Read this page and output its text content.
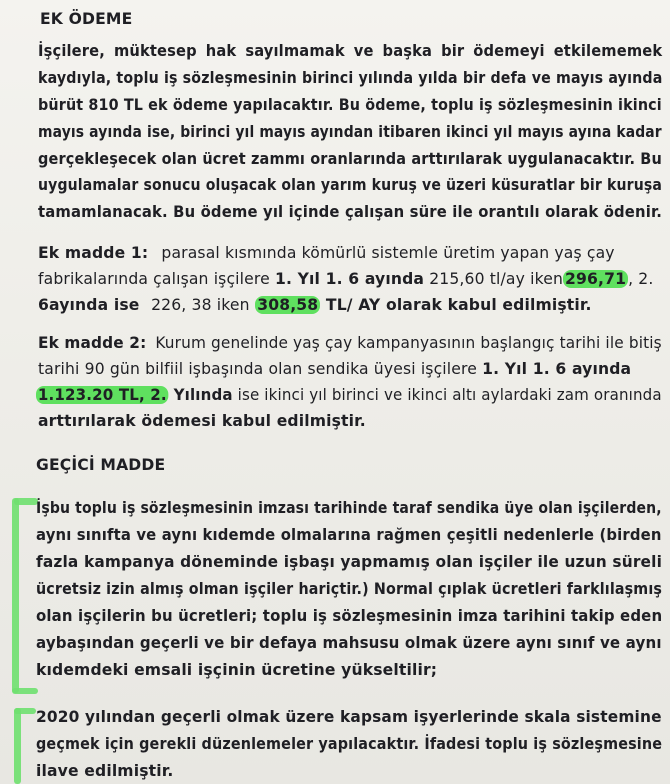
EK ÖDEME
İşçilere, müktesep hak sayılmamak ve başka bir ödemeyi etkilememek
kaydıyla, toplu iş sözleşmesinin birinci yılında yılda bir defa ve mayıs ayında
bürüt 810 TL ek ödeme yapılacaktır. Bu ödeme, toplu iş sözleşmesinin ikinci
mayıs ayında ise, birinci yıl mayıs ayından itibaren ikinci yıl mayıs ayına kadar
gerçekleşecek olan ücret zammı oranlarında arttırılarak uygulanacaktır. Bu
uygulamalar sonucu oluşacak olan yarım kuruş ve üzeri küsuratlar bir kuruşa
tamamlanacak. Bu ödeme yıl içinde çalışan süre ile orantılı olarak ödenir.
Ek madde 1: parasal kısmında kömürlü sistemle üretim yapan yaş çay
fabrikalarında çalışan işçilere 1. Yıl 1. 6 ayında 215,60 tl/ay iken 296,71 , 2.
6ayında ise 226, 38 iken 308,58 TL/ AY olarak kabul edilmiştir.
Ek madde 2: Kurum genelinde yaş çay kampanyasının başlangıç tarihi ile bitiş
tarihi 90 gün bilfiil işbaşında olan sendika üyesi işçilere 1. Yıl 1. 6 ayında
1.123.20 TL, 2. Yılında ise ikinci yıl birinci ve ikinci altı aylardaki zam oranında
arttırılarak ödemesi kabul edilmiştir.
GEÇİCİ MADDE
İşbu toplu iş sözleşmesinin imzası tarihinde taraf sendika üye olan işçilerden,
aynı sınıfta ve aynı kıdemde olmalarına rağmen çeşitli nedenlerle (birden
fazla kampanya döneminde işbaşı yapmamış olan işçiler ile uzun süreli
ücretsiz izin almış olman işçiler hariçtir.) Normal çıplak ücretleri farklılaşmış
olan işçilerin bu ücretleri; toplu iş sözleşmesinin imza tarihini takip eden
aybaşından geçerli ve bir defaya mahsusu olmak üzere aynı sınıf ve aynı
kıdemdeki emsali işçinin ücretine yükseltilir;
2020 yılından geçerli olmak üzere kapsam işyerlerinde skala sistemine
geçmek için gerekli düzenlemeler yapılacaktır. İfadesi toplu iş sözleşmesine
ilave edilmiştir.
